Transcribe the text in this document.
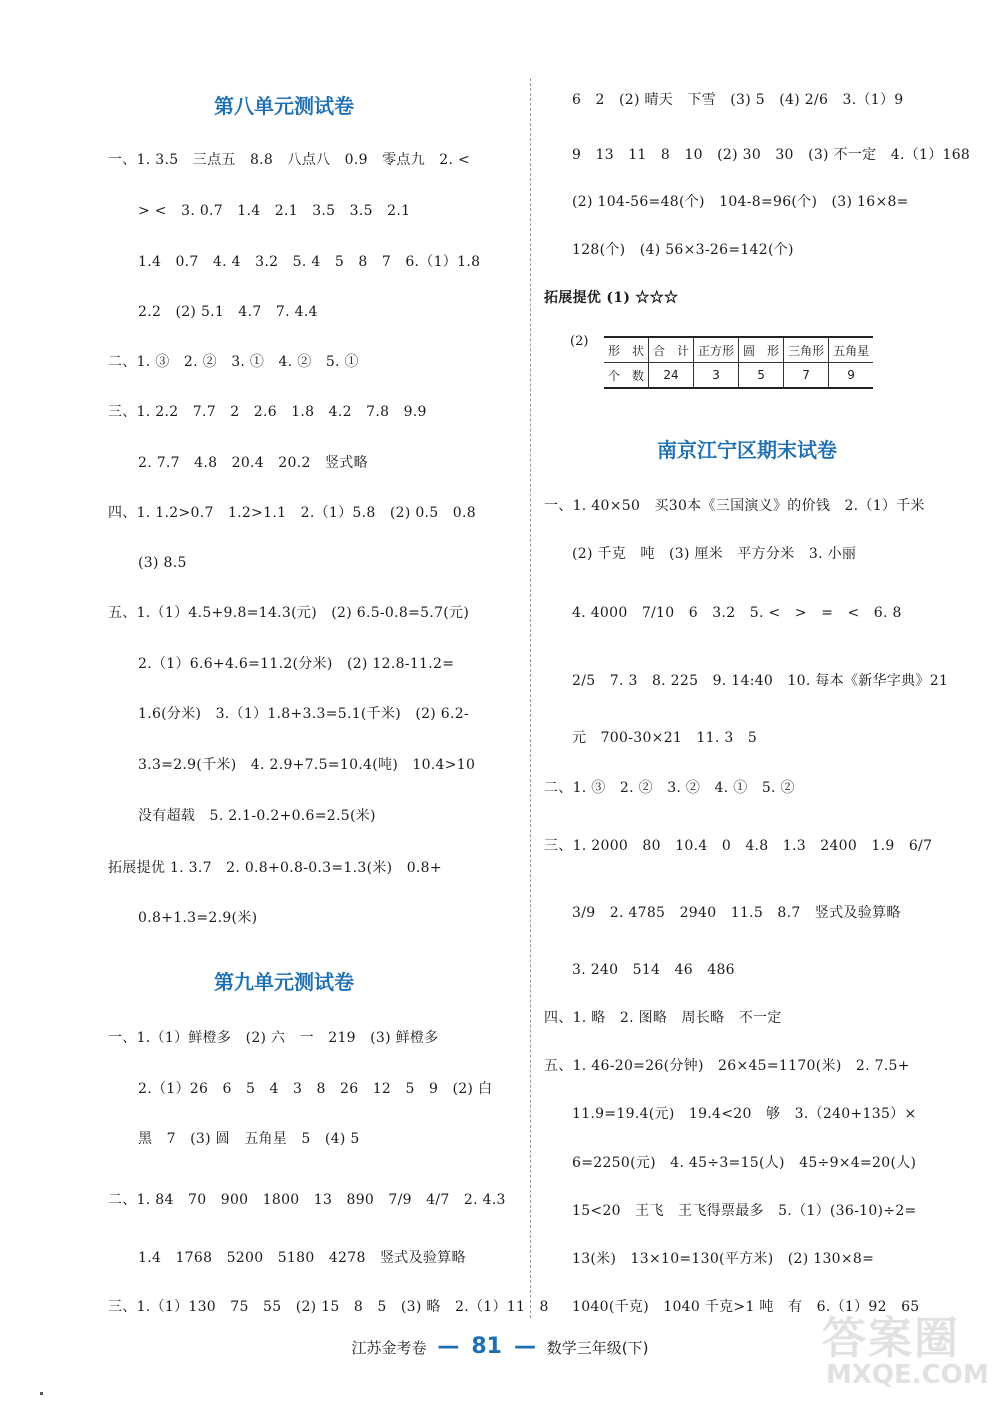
第八单元测试卷
一、1. 3.5　三点五　8.8　八点八　0.9　零点九　2. <
> <　3. 0.7　1.4　2.1　3.5　3.5　2.1
1.4　0.7　4. 4　3.2　5. 4　5　8　7　6.（1）1.8
2.2　(2) 5.1　4.7　7. 4.4
二、1. ③　2. ②　3. ①　4. ②　5. ①
三、1. 2.2　7.7　2　2.6　1.8　4.2　7.8　9.9
2. 7.7　4.8　20.4　20.2　竖式略
四、1. 1.2>0.7　1.2>1.1　2.（1）5.8　(2) 0.5　0.8
(3) 8.5
五、1.（1）4.5+9.8=14.3(元)　(2) 6.5-0.8=5.7(元)
2.（1）6.6+4.6=11.2(分米)　(2) 12.8-11.2=
1.6(分米)　3.（1）1.8+3.3=5.1(千米)　(2) 6.2-
3.3=2.9(千米)　4. 2.9+7.5=10.4(吨)　10.4>10
没有超载　5. 2.1-0.2+0.6=2.5(米)
拓展提优 1. 3.7　2. 0.8+0.8-0.3=1.3(米)　0.8+
0.8+1.3=2.9(米)
第九单元测试卷
一、1.（1）鲜橙多　(2) 六　一　219　(3) 鲜橙多
2.（1）26　6　5　4　3　8　26　12　5　9　(2) 白
黑　7　(3) 圆　五角星　5　(4) 5
二、1. 84　70　900　1800　13　890　7/9　4/7　2. 4.3
1.4　1768　5200　5180　4278　竖式及验算略
三、1.（1）130　75　55　(2) 15　8　5　(3) 略　2.（1）11　8
6　2　(2) 晴天　下雪　(3) 5　(4) 2/6　3.（1）9
9　13　11　8　10　(2) 30　30　(3) 不一定　4.（1）168
(2) 104-56=48(个)　104-8=96(个)　(3) 16×8=
128(个)　(4) 56×3-26=142(个)
拓展提优 (1) ☆☆☆
(2)
形　状	合　计	正方形	圆　形	三角形	五角星
个　数	24	3	5	7	9
南京江宁区期末试卷
一、1. 40×50　买30本《三国演义》的价钱　2.（1）千米
(2) 千克　吨　(3) 厘米　平方分米　3. 小丽
4. 4000　7/10　6　3.2　5. <　>　=　<　6. 8
2/5　7. 3　8. 225　9. 14:40　10. 每本《新华字典》21
元　700-30×21　11. 3　5
二、1. ③　2. ②　3. ②　4. ①　5. ②
三、1. 2000　80　10.4　0　4.8　1.3　2400　1.9　6/7
3/9　2. 4785　2940　11.5　8.7　竖式及验算略
3. 240　514　46　486
四、1. 略　2. 图略　周长略　不一定
五、1. 46-20=26(分钟)　26×45=1170(米)　2. 7.5+
11.9=19.4(元)　19.4<20　够　3.（240+135）×
6=2250(元)　4. 45÷3=15(人)　45÷9×4=20(人)
15<20　王飞　王飞得票最多　5.（1）(36-10)÷2=
13(米)　13×10=130(平方米)　(2) 130×8=
1040(千克)　1040 千克>1 吨　有　6.（1）92　65
江苏金考卷 — 81 — 数学三年级(下)	答案圈
MXQE.COM
